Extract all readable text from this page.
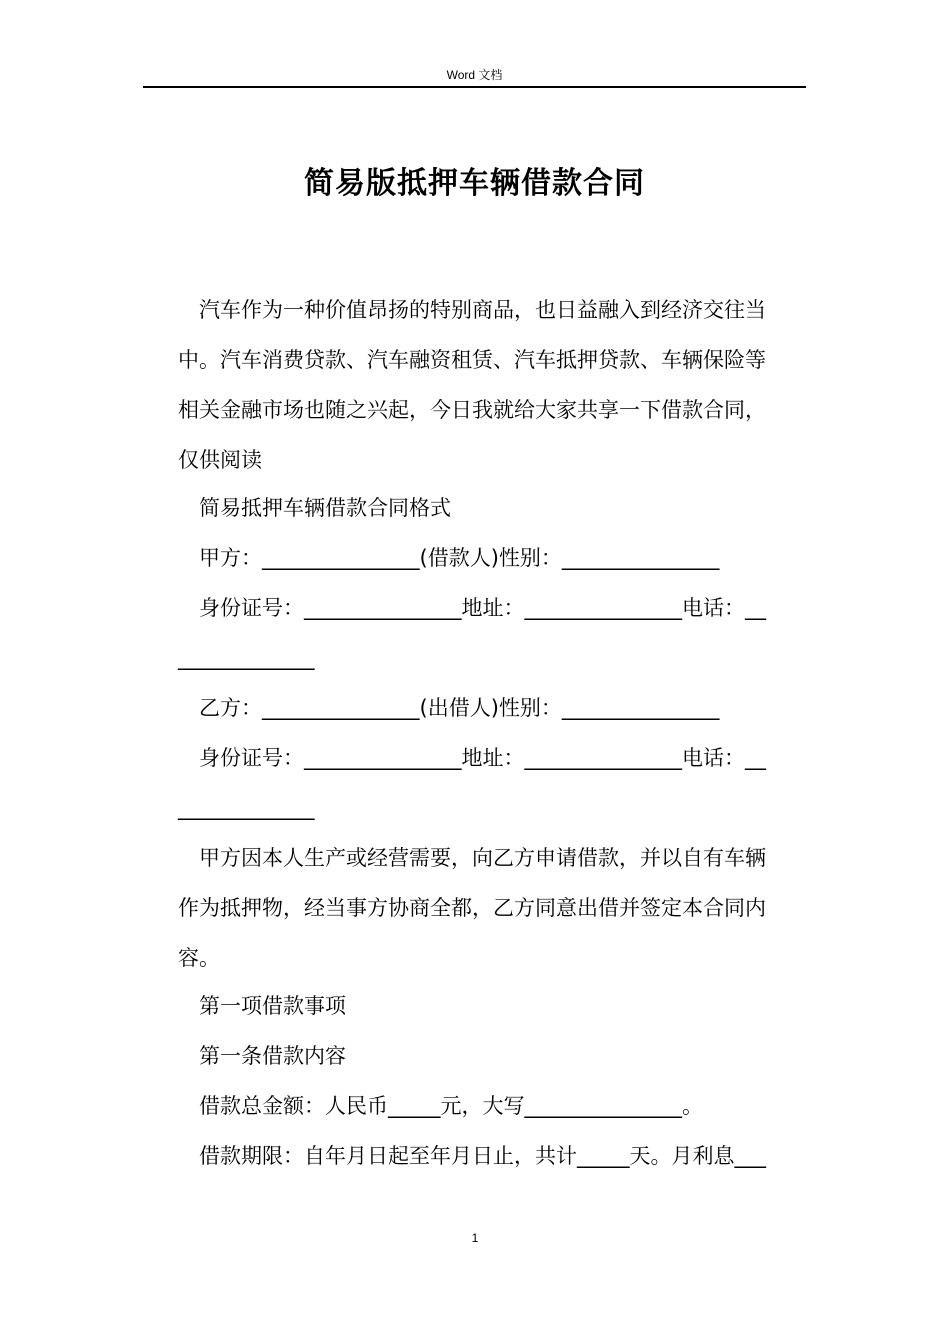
Word 文档
简易版抵押车辆借款合同
汽车作为一种价值昂扬的特别商品，也日益融入到经济交往当
中。汽车消费贷款、汽车融资租赁、汽车抵押贷款、车辆保险等
相关金融市场也随之兴起，今日我就给大家共享一下借款合同，
仅供阅读
简易抵押车辆借款合同格式
甲方：_______________(借款人)性别：_______________
身份证号：_______________地址：_______________电话：__
_____________
乙方：_______________(出借人)性别：_______________
身份证号：_______________地址：_______________电话：__
_____________
甲方因本人生产或经营需要，向乙方申请借款，并以自有车辆
作为抵押物，经当事方协商全都，乙方同意出借并签定本合同内
容。
第一项借款事项
第一条借款内容
借款总金额：人民币_____元，大写_______________。
借款期限：自年月日起至年月日止，共计_____天。月利息___
1
